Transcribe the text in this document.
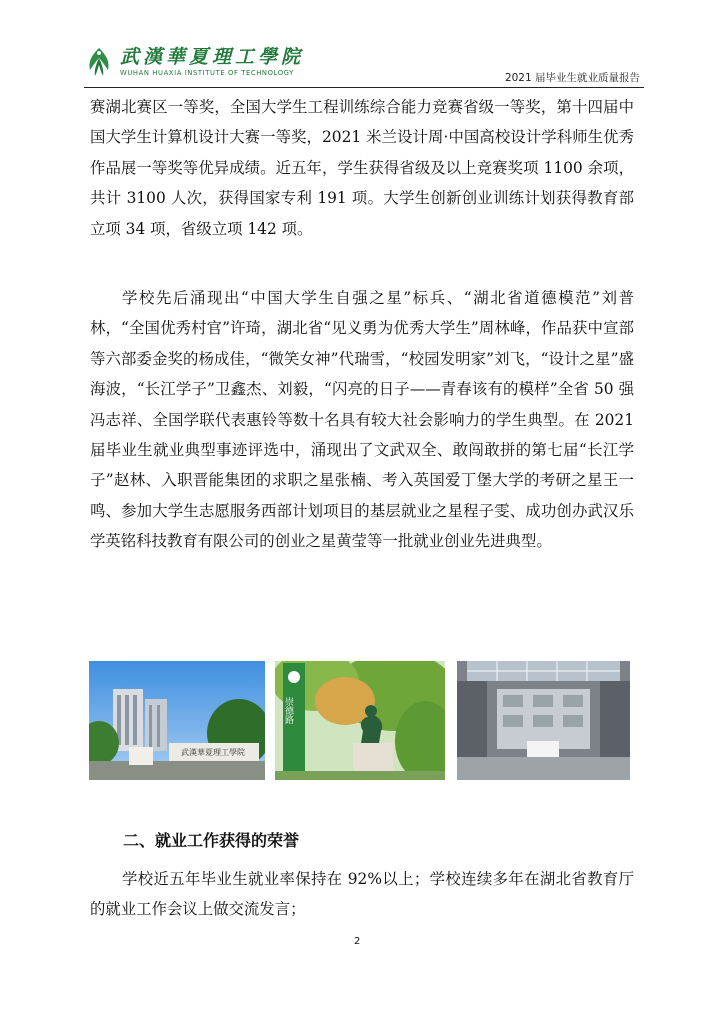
武漢華夏理工學院
WUHAN HUAXIA INSTITUTE OF TECHNOLOGY	2021 届毕业生就业质量报告

赛湖北赛区一等奖，全国大学生工程训练综合能力竞赛省级一等奖，第十四届中国大学生计算机设计大赛一等奖，2021 米兰设计周·中国高校设计学科师生优秀作品展一等奖等优异成绩。近五年，学生获得省级及以上竞赛奖项 1100 余项，共计 3100 人次，获得国家专利 191 项。大学生创新创业训练计划获得教育部立项 34 项，省级立项 142 项。

学校先后涌现出“中国大学生自强之星”标兵、“湖北省道德模范”刘普林，“全国优秀村官”许琦，湖北省“见义勇为优秀大学生”周林峰，作品获中宣部等六部委金奖的杨成佳，“微笑女神”代瑞雪，“校园发明家”刘飞，“设计之星”盛海波，“长江学子”卫鑫杰、刘毅，“闪亮的日子——青春该有的模样”全省 50 强冯志祥、全国学联代表惠铃等数十名具有较大社会影响力的学生典型。在 2021 届毕业生就业典型事迹评选中，涌现出了文武双全、敢闯敢拼的第七届“长江学子”赵林、入职晋能集团的求职之星张楠、考入英国爱丁堡大学的考研之星王一鸣、参加大学生志愿服务西部计划项目的基层就业之星程子雯、成功创办武汉乐学英铭科技教育有限公司的创业之星黄莹等一批就业创业先进典型。

武漢華夏理工學院
崇德路
二、就业工作获得的荣誉

学校近五年毕业生就业率保持在 92%以上；学校连续多年在湖北省教育厅的就业工作会议上做交流发言；

2
